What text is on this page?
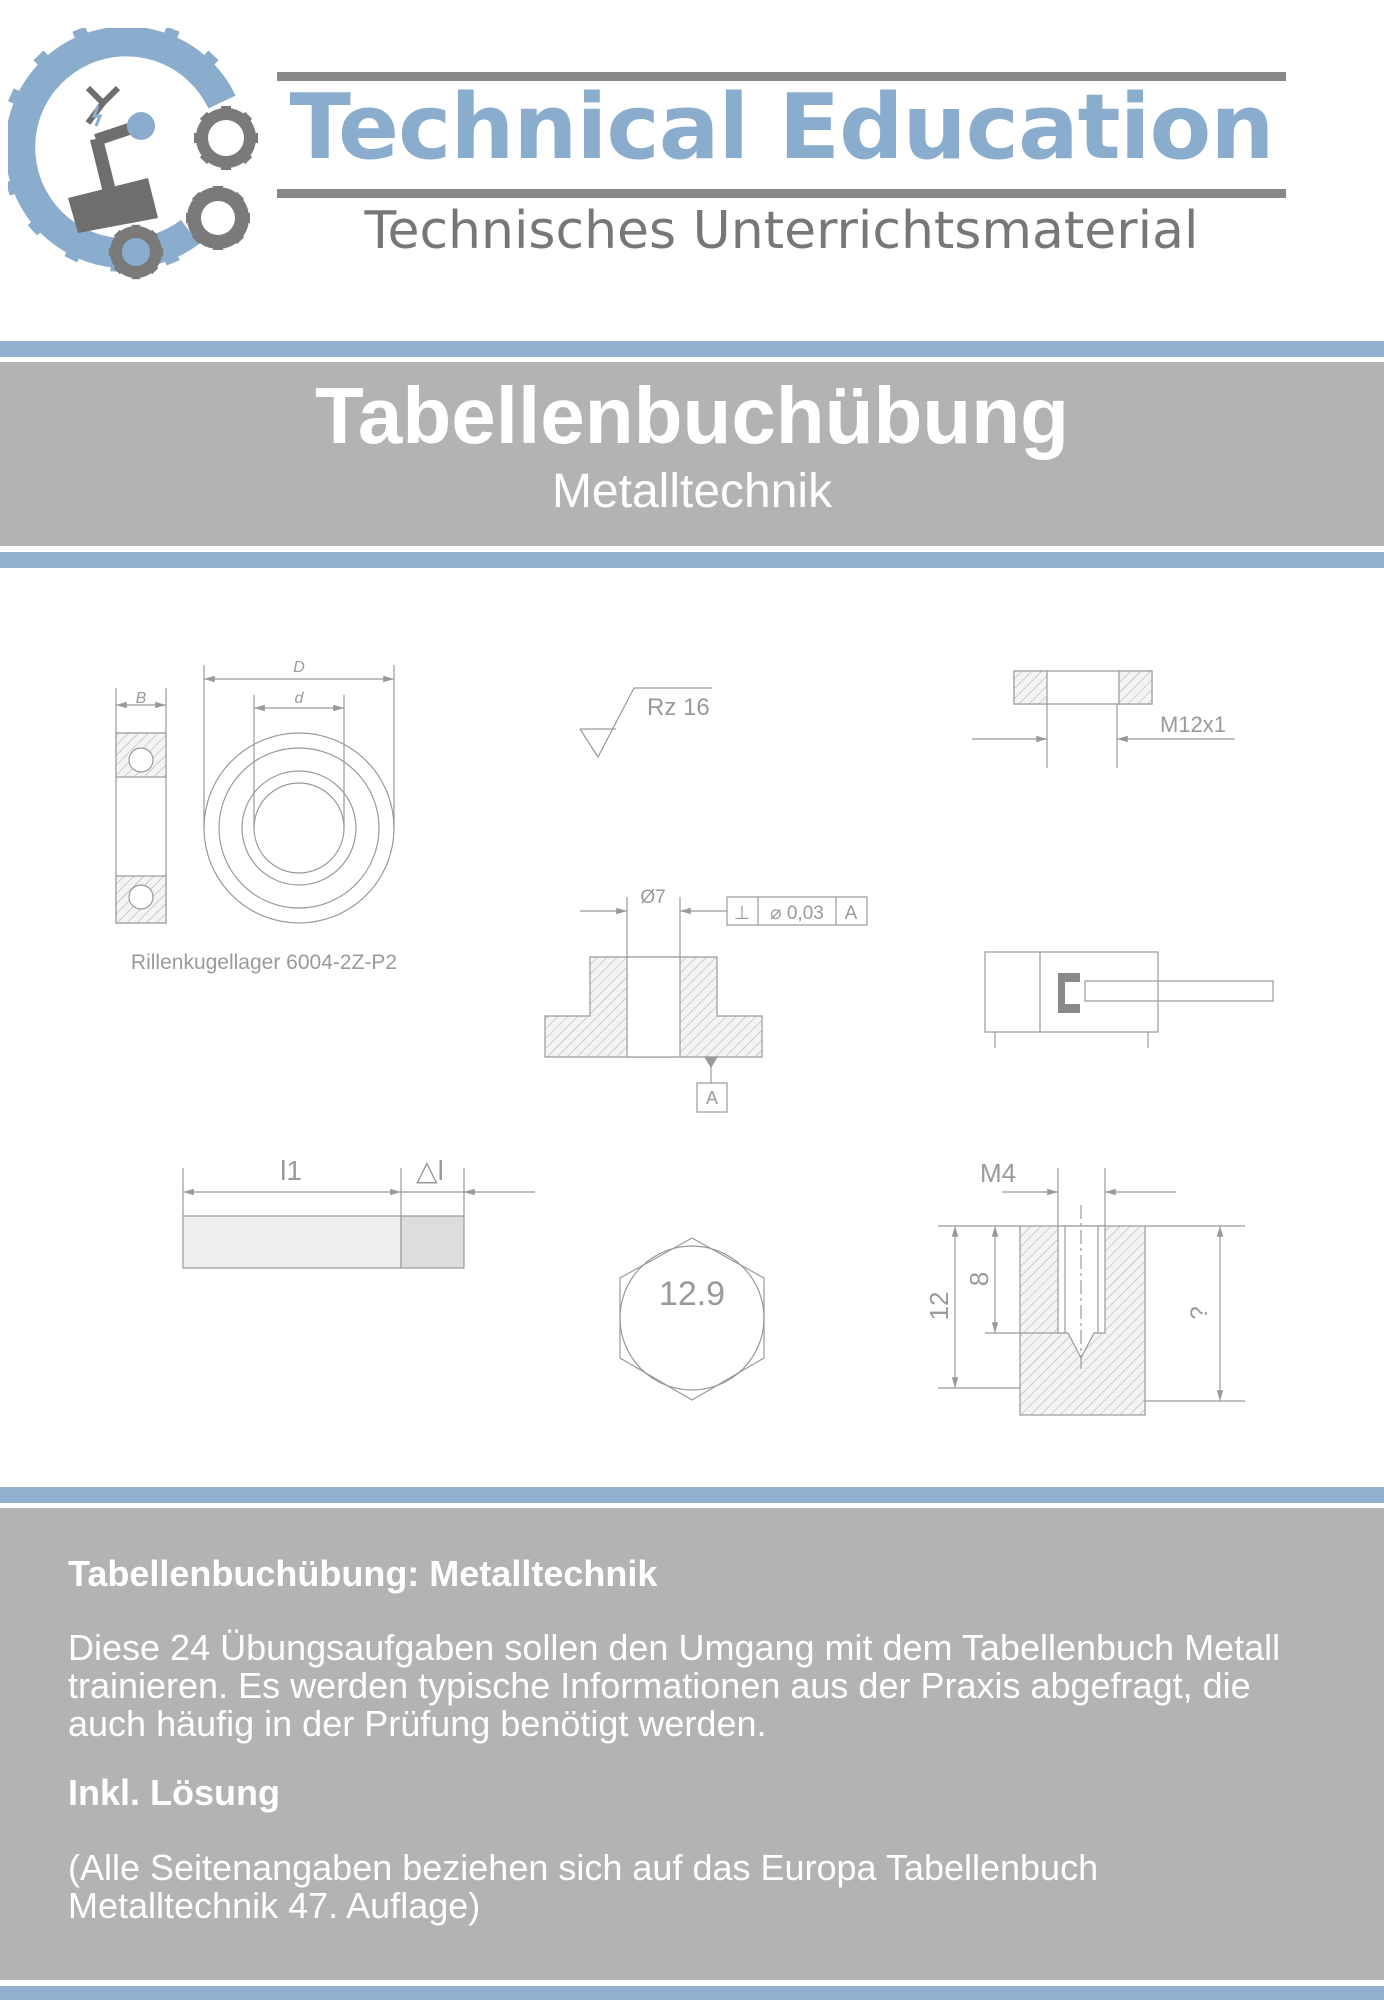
Technical Education
Technisches Unterrichtsmaterial
Tabellenbuchübung
Metalltechnik
D
d
B
Rillenkugellager 6004-2Z-P2
Rz 16
M12x1
Ø7
⊥ ⌀ 0,03 A
A
l1	△l
12.9
M4
12
8
?
Tabellenbuchübung: Metalltechnik
Diese 24 Übungsaufgaben sollen den Umgang mit dem Tabellenbuch Metall trainieren. Es werden typische Informationen aus der Praxis abgefragt, die auch häufig in der Prüfung benötigt werden.
Inkl. Lösung
(Alle Seitenangaben beziehen sich auf das Europa Tabellenbuch Metalltechnik 47. Auflage)
